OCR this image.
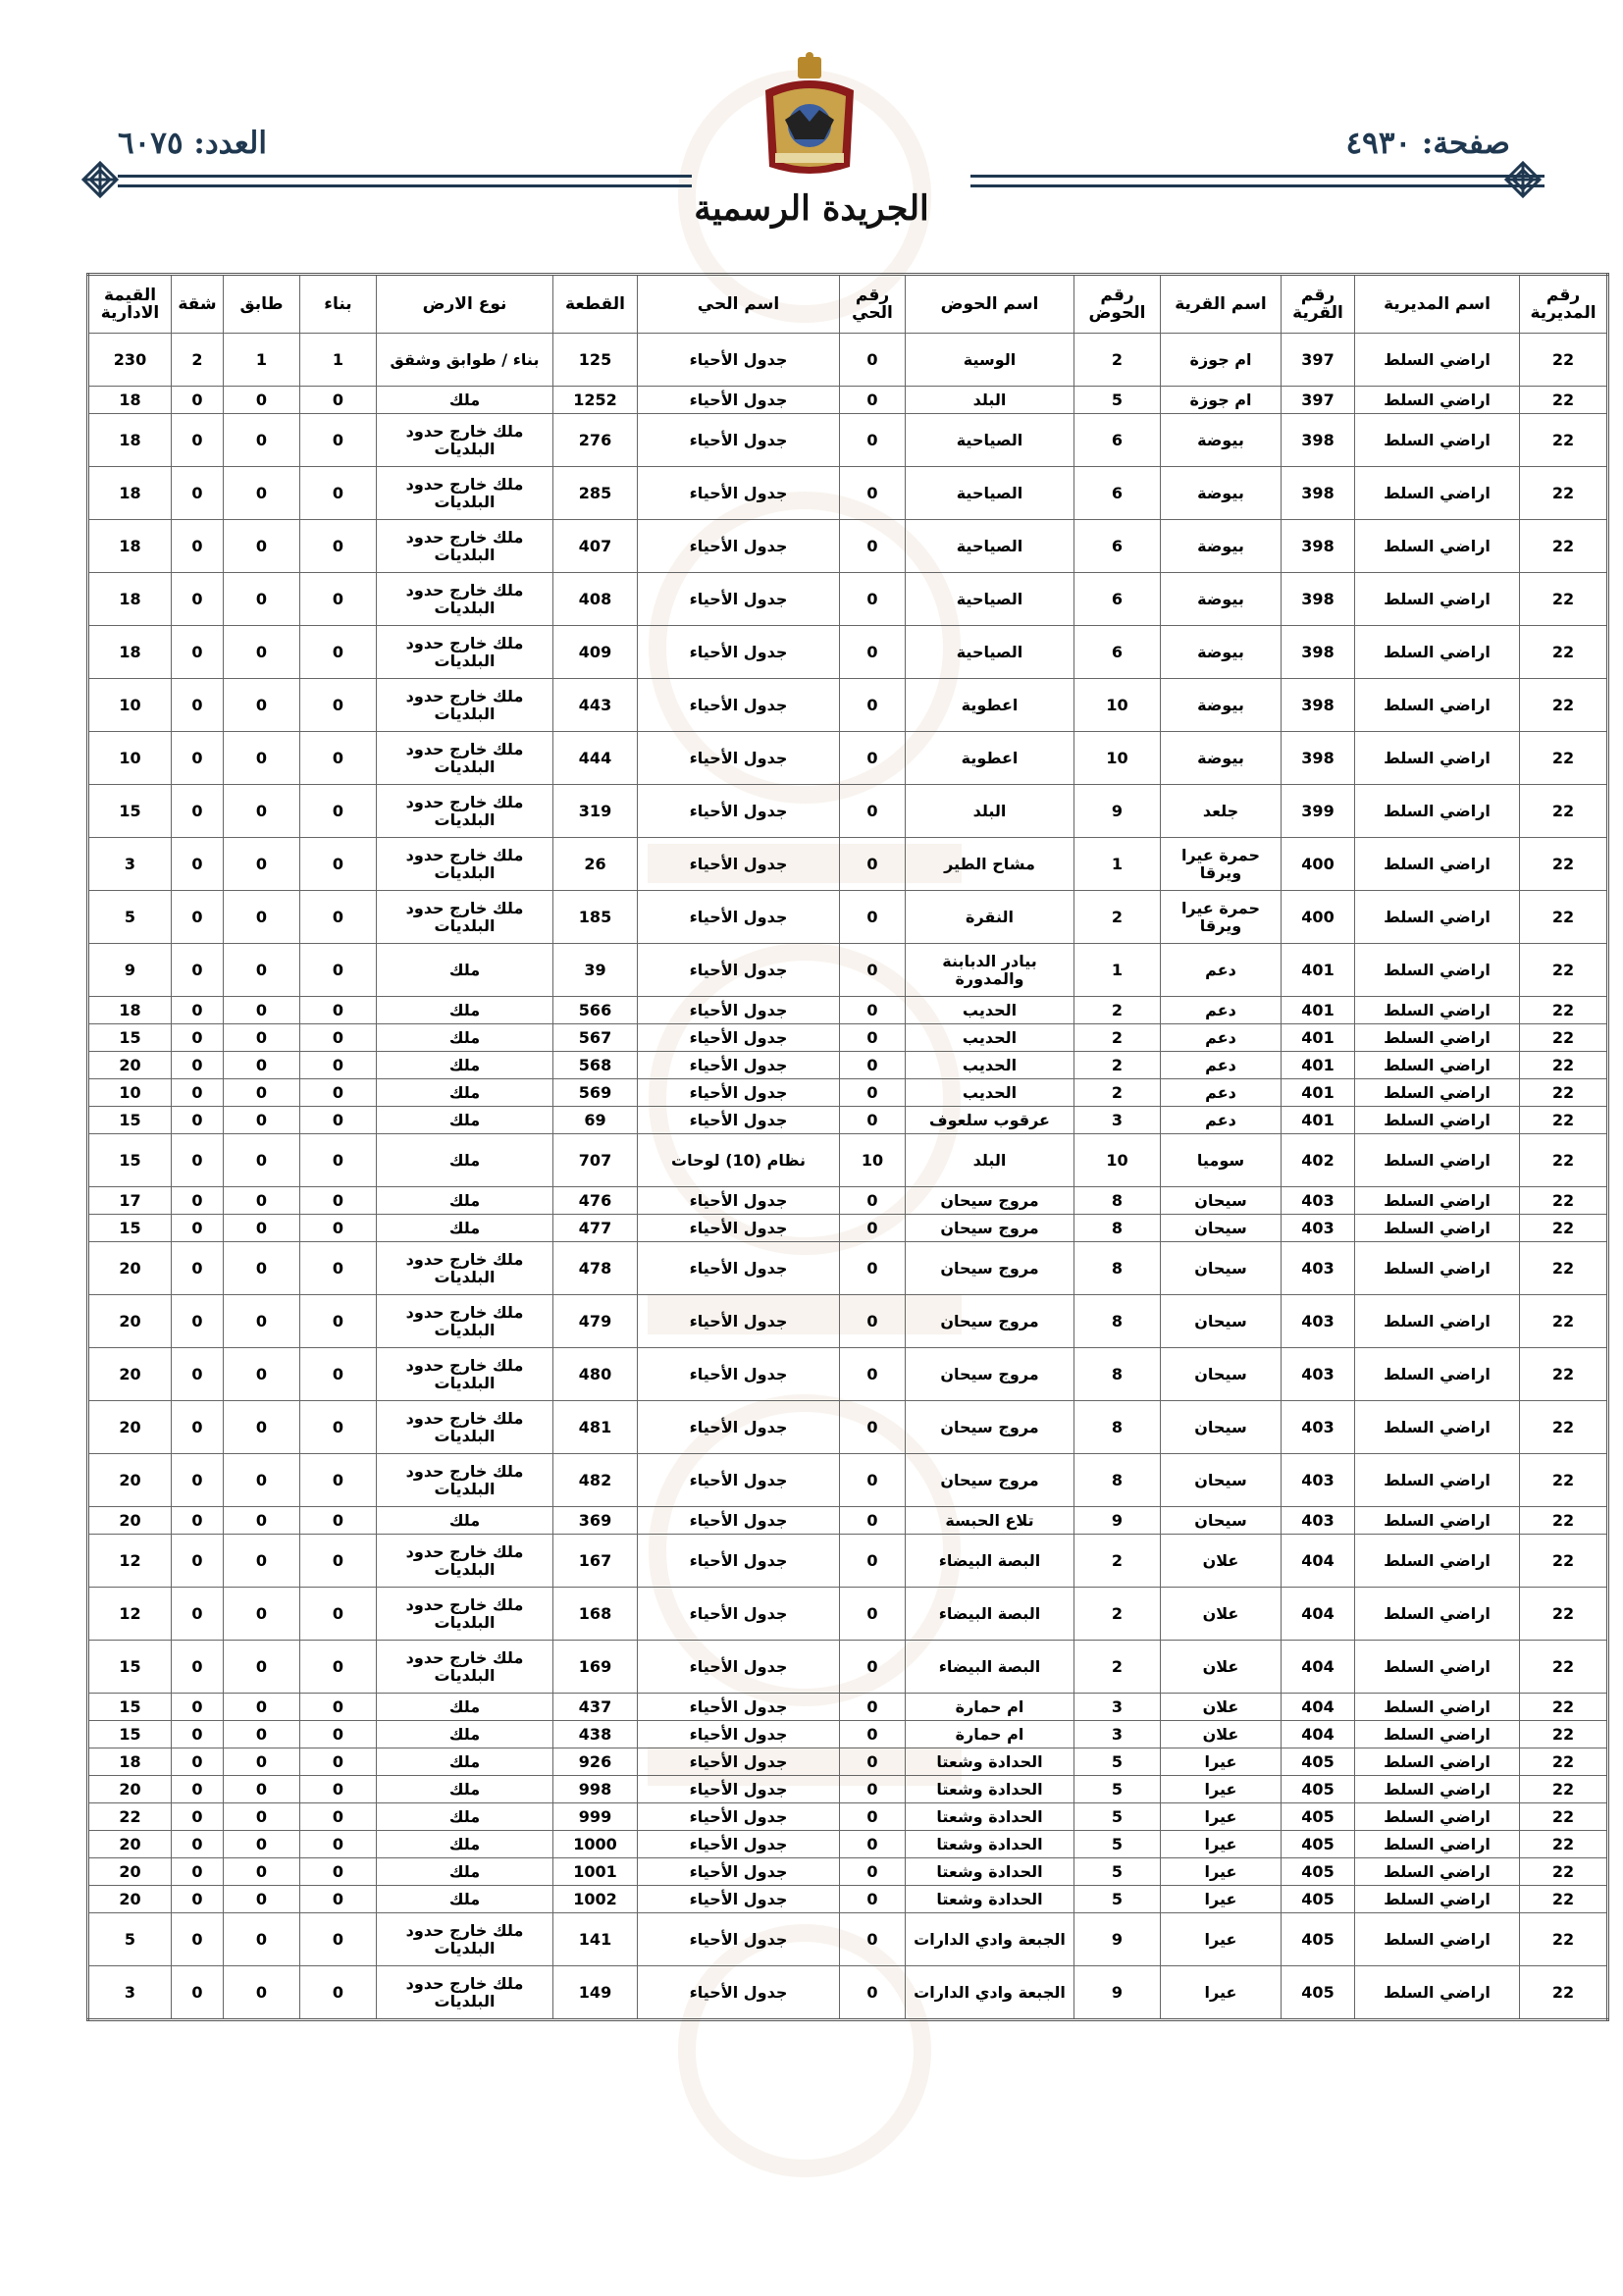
صفحة: ٤٩٣٠
العدد: ٦٠٧٥
الجريدة الرسمية
رقم المديرية	اسم المديرية	رقم القرية	اسم القرية	رقم الحوض	اسم الحوض	رقم الحي	اسم الحي	القطعة	نوع الارض	بناء	طابق	شقة	القيمة الادارية
22	اراضي السلط	397	ام جوزة	2	الوسية	0	جدول الأحياء	125	بناء / طوابق وشقق	1	1	2	230
22	اراضي السلط	397	ام جوزة	5	البلد	0	جدول الأحياء	1252	ملك	0	0	0	18
22	اراضي السلط	398	بيوضة	6	الصياحية	0	جدول الأحياء	276	ملك خارج حدود البلديات	0	0	0	18
22	اراضي السلط	398	بيوضة	6	الصياحية	0	جدول الأحياء	285	ملك خارج حدود البلديات	0	0	0	18
22	اراضي السلط	398	بيوضة	6	الصياحية	0	جدول الأحياء	407	ملك خارج حدود البلديات	0	0	0	18
22	اراضي السلط	398	بيوضة	6	الصياحية	0	جدول الأحياء	408	ملك خارج حدود البلديات	0	0	0	18
22	اراضي السلط	398	بيوضة	6	الصياحية	0	جدول الأحياء	409	ملك خارج حدود البلديات	0	0	0	18
22	اراضي السلط	398	بيوضة	10	اعطوية	0	جدول الأحياء	443	ملك خارج حدود البلديات	0	0	0	10
22	اراضي السلط	398	بيوضة	10	اعطوية	0	جدول الأحياء	444	ملك خارج حدود البلديات	0	0	0	10
22	اراضي السلط	399	جلعد	9	البلد	0	جدول الأحياء	319	ملك خارج حدود البلديات	0	0	0	15
22	اراضي السلط	400	حمرة عيرا ويرقا	1	مشاح الطير	0	جدول الأحياء	26	ملك خارج حدود البلديات	0	0	0	3
22	اراضي السلط	400	حمرة عيرا ويرقا	2	النقرة	0	جدول الأحياء	185	ملك خارج حدود البلديات	0	0	0	5
22	اراضي السلط	401	دعم	1	بيادر الدبابنة والمدورة	0	جدول الأحياء	39	ملك	0	0	0	9
22	اراضي السلط	401	دعم	2	الحديب	0	جدول الأحياء	566	ملك	0	0	0	18
22	اراضي السلط	401	دعم	2	الحديب	0	جدول الأحياء	567	ملك	0	0	0	15
22	اراضي السلط	401	دعم	2	الحديب	0	جدول الأحياء	568	ملك	0	0	0	20
22	اراضي السلط	401	دعم	2	الحديب	0	جدول الأحياء	569	ملك	0	0	0	10
22	اراضي السلط	401	دعم	3	عرقوب سلعوف	0	جدول الأحياء	69	ملك	0	0	0	15
22	اراضي السلط	402	سوميا	10	البلد	10	نظام (10) لوحات	707	ملك	0	0	0	15
22	اراضي السلط	403	سيحان	8	مروج سيحان	0	جدول الأحياء	476	ملك	0	0	0	17
22	اراضي السلط	403	سيحان	8	مروج سيحان	0	جدول الأحياء	477	ملك	0	0	0	15
22	اراضي السلط	403	سيحان	8	مروج سيحان	0	جدول الأحياء	478	ملك خارج حدود البلديات	0	0	0	20
22	اراضي السلط	403	سيحان	8	مروج سيحان	0	جدول الأحياء	479	ملك خارج حدود البلديات	0	0	0	20
22	اراضي السلط	403	سيحان	8	مروج سيحان	0	جدول الأحياء	480	ملك خارج حدود البلديات	0	0	0	20
22	اراضي السلط	403	سيحان	8	مروج سيحان	0	جدول الأحياء	481	ملك خارج حدود البلديات	0	0	0	20
22	اراضي السلط	403	سيحان	8	مروج سيحان	0	جدول الأحياء	482	ملك خارج حدود البلديات	0	0	0	20
22	اراضي السلط	403	سيحان	9	تلاع الحبسة	0	جدول الأحياء	369	ملك	0	0	0	20
22	اراضي السلط	404	علان	2	البصة البيضاء	0	جدول الأحياء	167	ملك خارج حدود البلديات	0	0	0	12
22	اراضي السلط	404	علان	2	البصة البيضاء	0	جدول الأحياء	168	ملك خارج حدود البلديات	0	0	0	12
22	اراضي السلط	404	علان	2	البصة البيضاء	0	جدول الأحياء	169	ملك خارج حدود البلديات	0	0	0	15
22	اراضي السلط	404	علان	3	ام حمارة	0	جدول الأحياء	437	ملك	0	0	0	15
22	اراضي السلط	404	علان	3	ام حمارة	0	جدول الأحياء	438	ملك	0	0	0	15
22	اراضي السلط	405	عيرا	5	الحدادة وشعتا	0	جدول الأحياء	926	ملك	0	0	0	18
22	اراضي السلط	405	عيرا	5	الحدادة وشعتا	0	جدول الأحياء	998	ملك	0	0	0	20
22	اراضي السلط	405	عيرا	5	الحدادة وشعتا	0	جدول الأحياء	999	ملك	0	0	0	22
22	اراضي السلط	405	عيرا	5	الحدادة وشعتا	0	جدول الأحياء	1000	ملك	0	0	0	20
22	اراضي السلط	405	عيرا	5	الحدادة وشعتا	0	جدول الأحياء	1001	ملك	0	0	0	20
22	اراضي السلط	405	عيرا	5	الحدادة وشعتا	0	جدول الأحياء	1002	ملك	0	0	0	20
22	اراضي السلط	405	عيرا	9	الجبعة وادي الدارات	0	جدول الأحياء	141	ملك خارج حدود البلديات	0	0	0	5
22	اراضي السلط	405	عيرا	9	الجبعة وادي الدارات	0	جدول الأحياء	149	ملك خارج حدود البلديات	0	0	0	3
